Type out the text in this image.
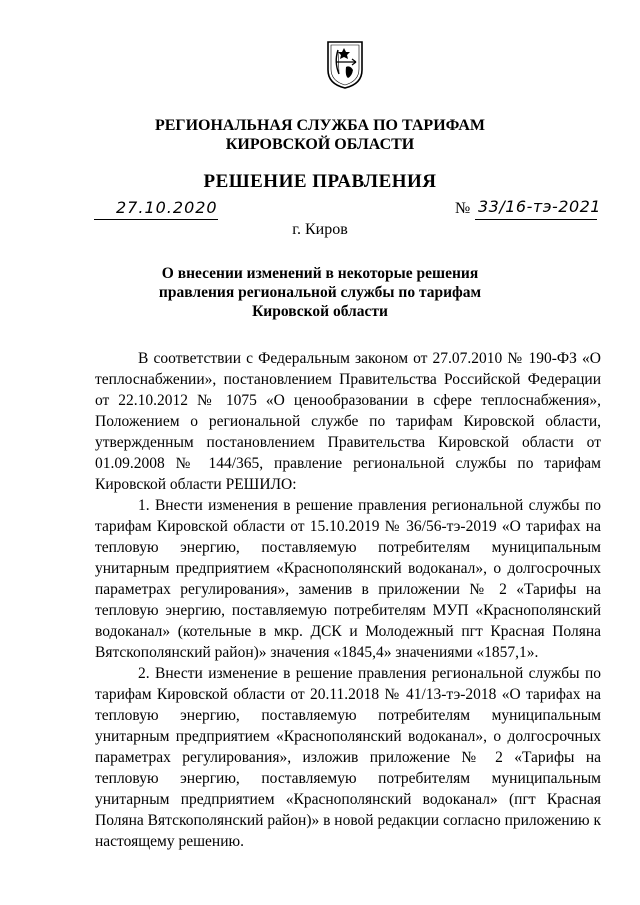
РЕГИОНАЛЬНАЯ СЛУЖБА ПО ТАРИФАМ
КИРОВСКОЙ ОБЛАСТИ
РЕШЕНИЕ ПРАВЛЕНИЯ
27.10.2020	№ 33/16-тэ-2021
г. Киров
О внесении изменений в некоторые решения
правления региональной службы по тарифам
Кировской области

В соответствии с Федеральным законом от 27.07.2010 № 190-ФЗ «О теплоснабжении», постановлением Правительства Российской Федерации от 22.10.2012 № 1075 «О ценообразовании в сфере теплоснабжения», Положением о региональной службе по тарифам Кировской области, утвержденным постановлением Правительства Кировской области от 01.09.2008 № 144/365, правление региональной службы по тарифам Кировской области РЕШИЛО:

1. Внести изменения в решение правления региональной службы по тарифам Кировской области от 15.10.2019 № 36/56-тэ-2019 «О тарифах на тепловую энергию, поставляемую потребителям муниципальным унитарным предприятием «Краснополянский водоканал», о долгосрочных параметрах регулирования», заменив в приложении № 2 «Тарифы на тепловую энергию, поставляемую потребителям МУП «Краснополянский водоканал» (котельные в мкр. ДСК и Молодежный пгт Красная Поляна Вятскополянский район)» значения «1845,4» значениями «1857,1».

2. Внести изменение в решение правления региональной службы по тарифам Кировской области от 20.11.2018 № 41/13-тэ-2018 «О тарифах на тепловую энергию, поставляемую потребителям муниципальным унитарным предприятием «Краснополянский водоканал», о долгосрочных параметрах регулирования», изложив приложение № 2 «Тарифы на тепловую энергию, поставляемую потребителям муниципальным унитарным предприятием «Краснополянский водоканал» (пгт Красная Поляна Вятскополянский район)» в новой редакции согласно приложению к настоящему решению.
